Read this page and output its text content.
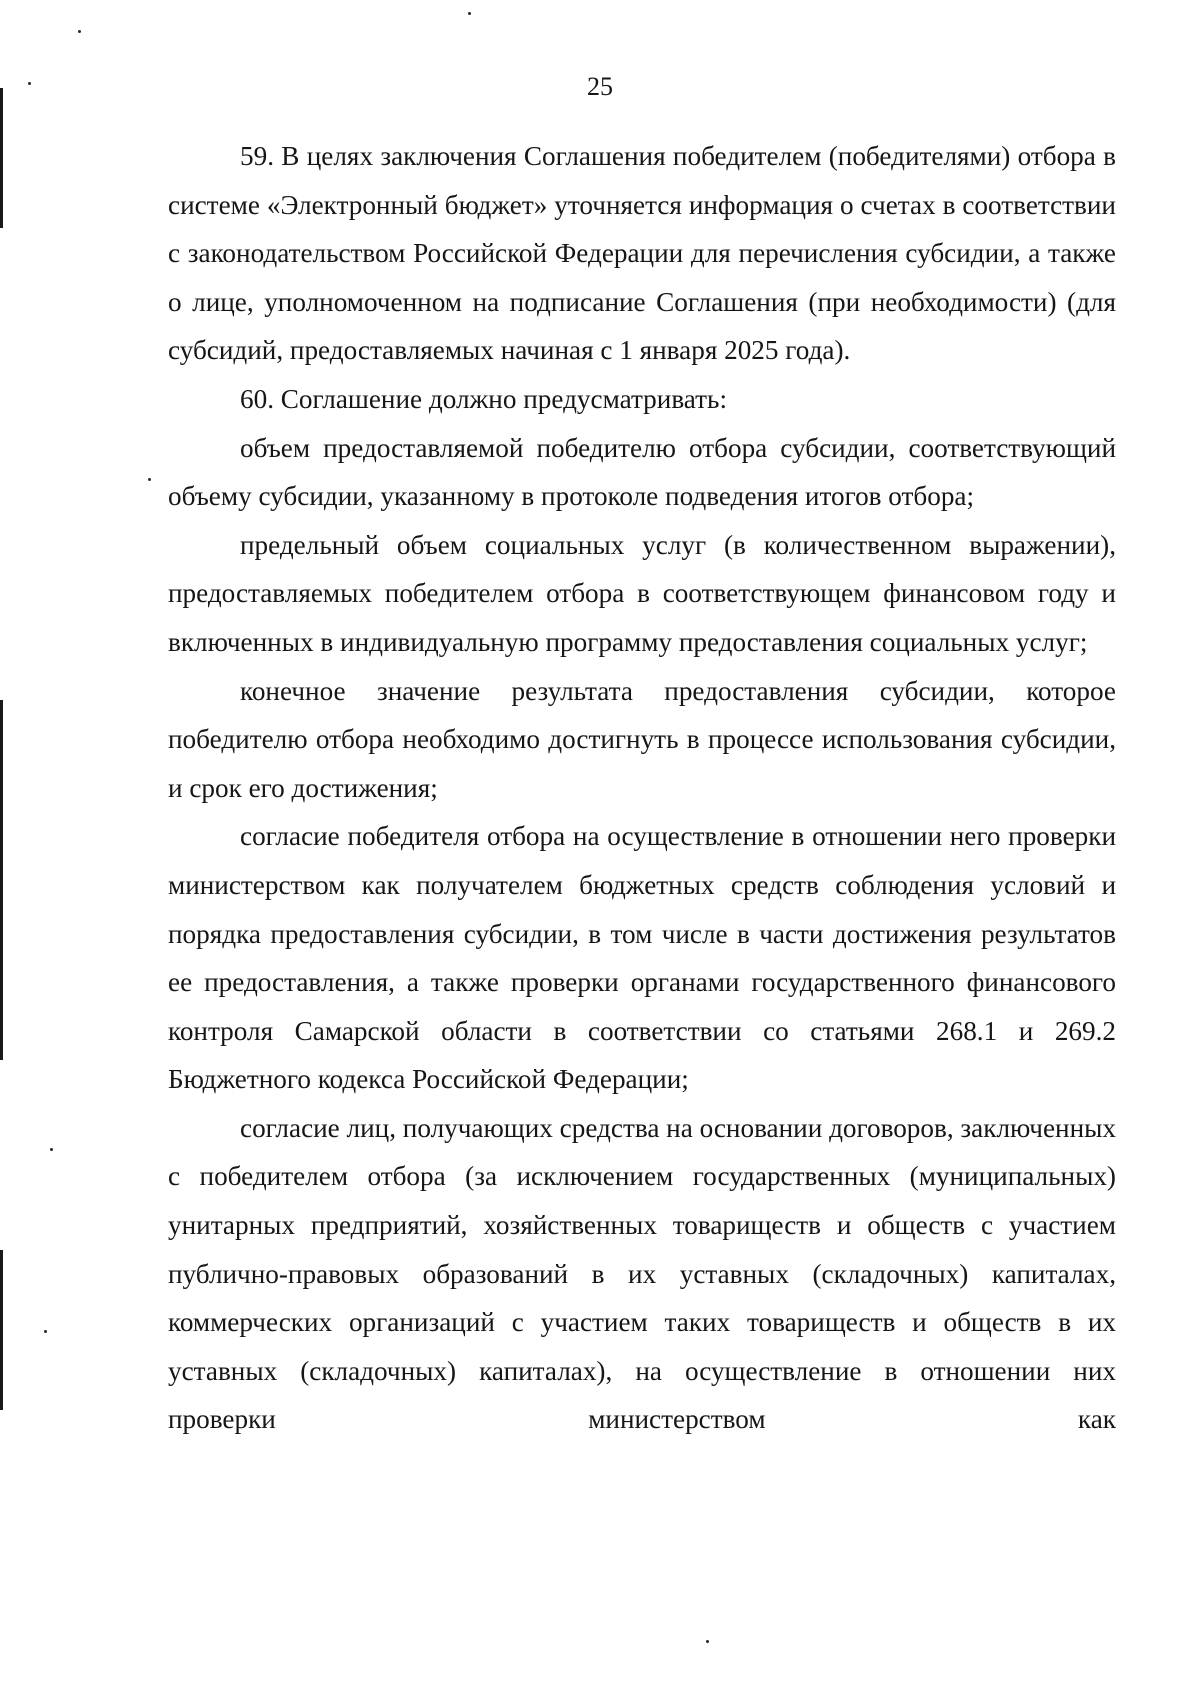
25

59. В целях заключения Соглашения победителем (победителями) отбора в системе «Электронный бюджет» уточняется информация о счетах в соответствии с законодательством Российской Федерации для перечисления субсидии, а также о лице, уполномоченном на подписание Соглашения (при необходимости) (для субсидий, предоставляемых начиная с 1 января 2025 года).

60. Соглашение должно предусматривать:

объем предоставляемой победителю отбора субсидии, соответствующий объему субсидии, указанному в протоколе подведения итогов отбора;

предельный объем социальных услуг (в количественном выражении), предоставляемых победителем отбора в соответствующем финансовом году и включенных в индивидуальную программу предоставления социальных услуг;

конечное значение результата предоставления субсидии, которое победителю отбора необходимо достигнуть в процессе использования субсидии, и срок его достижения;

согласие победителя отбора на осуществление в отношении него проверки министерством как получателем бюджетных средств соблюдения условий и порядка предоставления субсидии, в том числе в части достижения результатов ее предоставления, а также проверки органами государственного финансового контроля Самарской области в соответствии со статьями 268.1 и 269.2 Бюджетного кодекса Российской Федерации;

согласие лиц, получающих средства на основании договоров, заключенных с победителем отбора (за исключением государственных (муниципальных) унитарных предприятий, хозяйственных товариществ и обществ с участием публично-правовых образований в их уставных (складочных) капиталах, коммерческих организаций с участием таких товариществ и обществ в их уставных (складочных) капиталах), на осуществление в отношении них проверки министерством как
